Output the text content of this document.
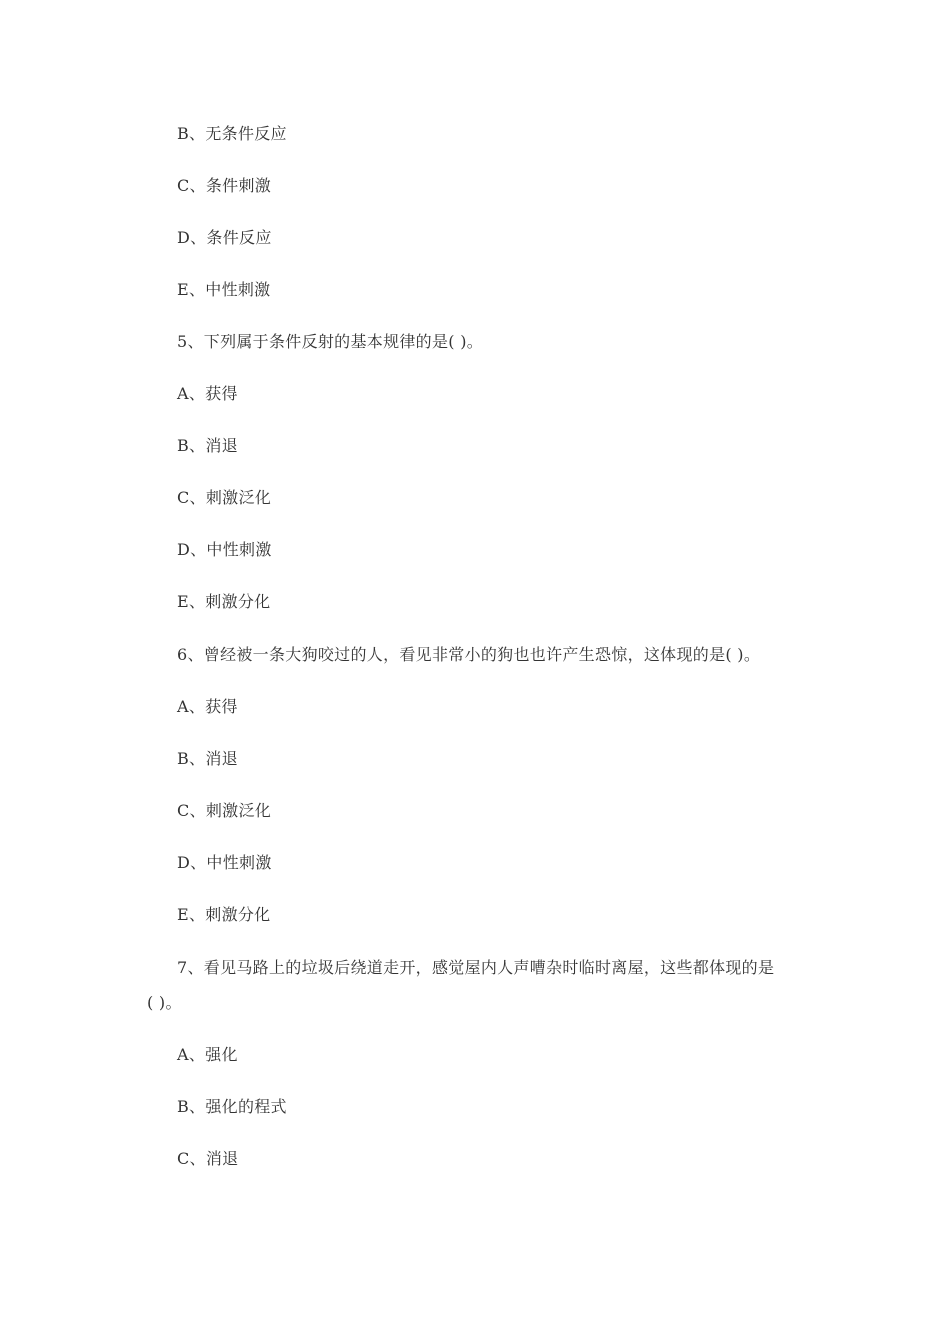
B、无条件反应
C、条件刺激
D、条件反应
E、中性刺激
5、下列属于条件反射的基本规律的是( )。
A、获得
B、消退
C、刺激泛化
D、中性刺激
E、刺激分化
6、曾经被一条大狗咬过的人，看见非常小的狗也也许产生恐惊，这体现的是( )。
A、获得
B、消退
C、刺激泛化
D、中性刺激
E、刺激分化
7、看见马路上的垃圾后绕道走开，感觉屋内人声嘈杂时临时离屋，这些都体现的是
( )。
A、强化
B、强化的程式
C、消退
